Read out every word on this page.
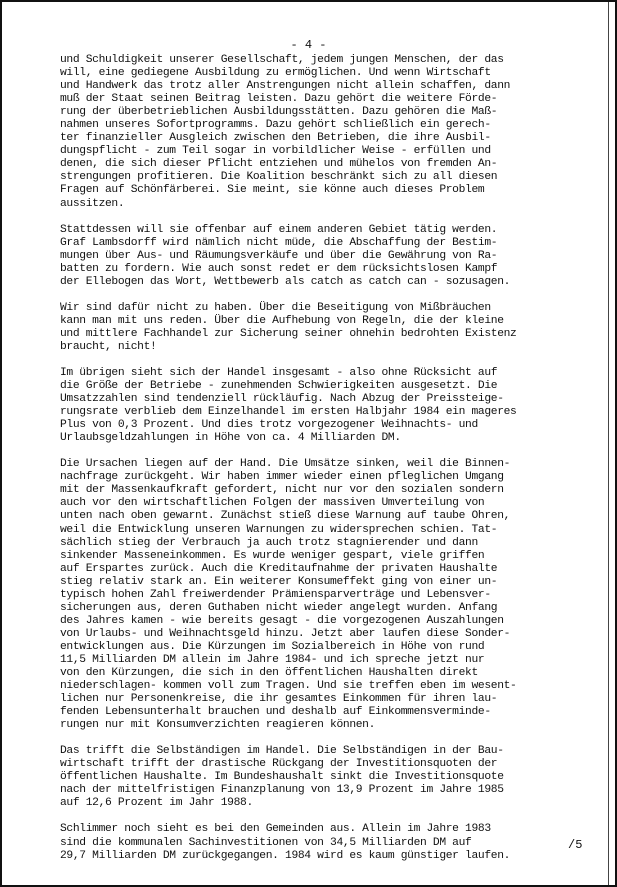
- 4 -
und Schuldigkeit unserer Gesellschaft, jedem jungen Menschen, der das
will, eine gediegene Ausbildung zu ermöglichen. Und wenn Wirtschaft
und Handwerk das trotz aller Anstrengungen nicht allein schaffen, dann
muß der Staat seinen Beitrag leisten. Dazu gehört die weitere Förde-
rung der überbetrieblichen Ausbildungsstätten. Dazu gehören die Maß-
nahmen unseres Sofortprogramms. Dazu gehört schließlich ein gerech-
ter finanzieller Ausgleich zwischen den Betrieben, die ihre Ausbil-
dungspflicht - zum Teil sogar in vorbildlicher Weise - erfüllen und
denen, die sich dieser Pflicht entziehen und mühelos von fremden An-
strengungen profitieren. Die Koalition beschränkt sich zu all diesen
Fragen auf Schönfärberei. Sie meint, sie könne auch dieses Problem
aussitzen.
Stattdessen will sie offenbar auf einem anderen Gebiet tätig werden.
Graf Lambsdorff wird nämlich nicht müde, die Abschaffung der Bestim-
mungen über Aus- und Räumungsverkäufe und über die Gewährung von Ra-
batten zu fordern. Wie auch sonst redet er dem rücksichtslosen Kampf
der Ellebogen das Wort, Wettbewerb als catch as catch can - sozusagen.
Wir sind dafür nicht zu haben. Über die Beseitigung von Mißbräuchen
kann man mit uns reden. Über die Aufhebung von Regeln, die der kleine
und mittlere Fachhandel zur Sicherung seiner ohnehin bedrohten Existenz
braucht, nicht!
Im übrigen sieht sich der Handel insgesamt - also ohne Rücksicht auf
die Größe der Betriebe - zunehmenden Schwierigkeiten ausgesetzt. Die
Umsatzzahlen sind tendenziell rückläufig. Nach Abzug der Preissteige-
rungsrate verblieb dem Einzelhandel im ersten Halbjahr 1984 ein mageres
Plus von 0,3 Prozent. Und dies trotz vorgezogener Weihnachts- und
Urlaubsgeldzahlungen in Höhe von ca. 4 Milliarden DM.
Die Ursachen liegen auf der Hand. Die Umsätze sinken, weil die Binnen-
nachfrage zurückgeht. Wir haben immer wieder einen pfleglichen Umgang
mit der Massenkaufkraft gefordert, nicht nur vor den sozialen sondern
auch vor den wirtschaftlichen Folgen der massiven Umverteilung von
unten nach oben gewarnt. Zunächst stieß diese Warnung auf taube Ohren,
weil die Entwicklung unseren Warnungen zu widersprechen schien. Tat-
sächlich stieg der Verbrauch ja auch trotz stagnierender und dann
sinkender Masseneinkommen. Es wurde weniger gespart, viele griffen
auf Erspartes zurück. Auch die Kreditaufnahme der privaten Haushalte
stieg relativ stark an. Ein weiterer Konsumeffekt ging von einer un-
typisch hohen Zahl freiwerdender Prämiensparverträge und Lebensver-
sicherungen aus, deren Guthaben nicht wieder angelegt wurden. Anfang
des Jahres kamen - wie bereits gesagt - die vorgezogenen Auszahlungen
von Urlaubs- und Weihnachtsgeld hinzu. Jetzt aber laufen diese Sonder-
entwicklungen aus. Die Kürzungen im Sozialbereich in Höhe von rund
11,5 Milliarden DM allein im Jahre 1984- und ich spreche jetzt nur
von den Kürzungen, die sich in den öffentlichen Haushalten direkt
niederschlagen- kommen voll zum Tragen. Und sie treffen eben im wesent-
lichen nur Personenkreise, die ihr gesamtes Einkommen für ihren lau-
fenden Lebensunterhalt brauchen und deshalb auf Einkommensverminde-
rungen nur mit Konsumverzichten reagieren können.
Das trifft die Selbständigen im Handel. Die Selbständigen in der Bau-
wirtschaft trifft der drastische Rückgang der Investitionsquoten der
öffentlichen Haushalte. Im Bundeshaushalt sinkt die Investitionsquote
nach der mittelfristigen Finanzplanung von 13,9 Prozent im Jahre 1985
auf 12,6 Prozent im Jahr 1988.
Schlimmer noch sieht es bei den Gemeinden aus. Allein im Jahre 1983
sind die kommunalen Sachinvestitionen von 34,5 Milliarden DM auf
29,7 Milliarden DM zurückgegangen. 1984 wird es kaum günstiger laufen.
/5
